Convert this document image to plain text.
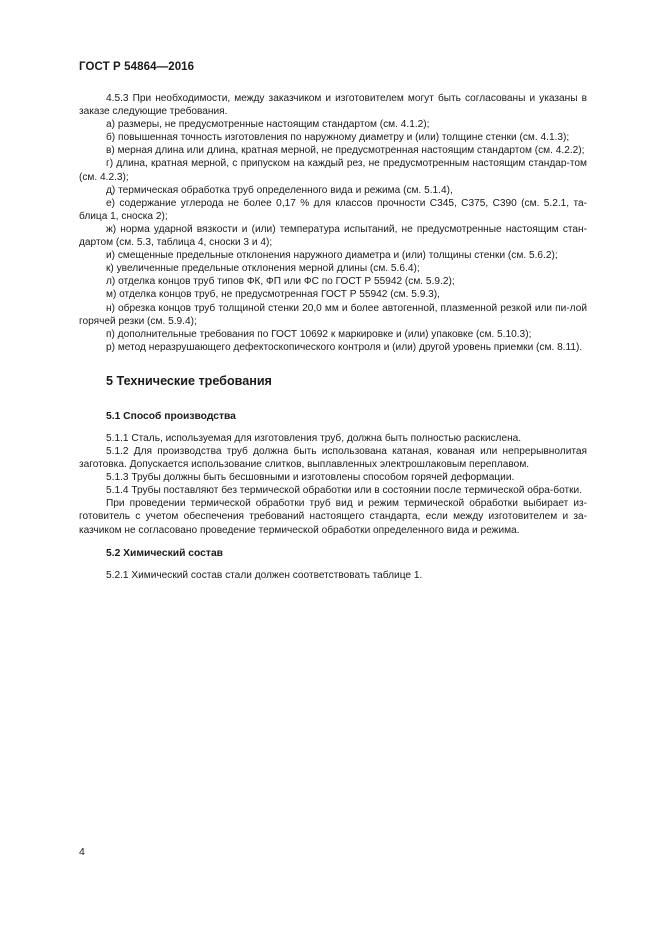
ГОСТ Р 54864—2016

4.5.3 При необходимости, между заказчиком и изготовителем могут быть согласованы и указаны в заказе следующие требования.

а) размеры, не предусмотренные настоящим стандартом (см. 4.1.2);

б) повышенная точность изготовления по наружному диаметру и (или) толщине стенки (см. 4.1.3);

в) мерная длина или длина, кратная мерной, не предусмотренная настоящим стандартом (см. 4.2.2);

г) длина, кратная мерной, с припуском на каждый рез, не предусмотренным настоящим стандар-том (см. 4.2.3);

д) термическая обработка труб определенного вида и режима (см. 5.1.4),

е) содержание углерода не более 0,17 % для классов прочности С345, С375, С390 (см. 5.2.1, та-блица 1, сноска 2);

ж) норма ударной вязкости и (или) температура испытаний, не предусмотренные настоящим стан-дартом (см. 5.3, таблица 4, сноски 3 и 4);

и) смещенные предельные отклонения наружного диаметра и (или) толщины стенки (см. 5.6.2);

к) увеличенные предельные отклонения мерной длины (см. 5.6.4);

л) отделка концов труб типов ФК, ФП или ФС по ГОСТ Р 55942 (см. 5.9.2);

м) отделка концов труб, не предусмотренная ГОСТ Р 55942 (см. 5.9.3),

н) обрезка концов труб толщиной стенки 20,0 мм и более автогенной, плазменной резкой или пи-лой горячей резки (см. 5.9.4);

п) дополнительные требования по ГОСТ 10692 к маркировке и (или) упаковке (см. 5.10.3);

р) метод неразрушающего дефектоскопического контроля и (или) другой уровень приемки (см. 8.11).

5 Технические требования
5.1 Способ производства

5.1.1 Сталь, используемая для изготовления труб, должна быть полностью раскислена.

5.1.2 Для производства труб должна быть использована катаная, кованая или непрерывнолитая заготовка. Допускается использование слитков, выплавленных электрошлаковым переплавом.

5.1.3 Трубы должны быть бесшовными и изготовлены способом горячей деформации.

5.1.4 Трубы поставляют без термической обработки или в состоянии после термической обра-ботки.

При проведении термической обработки труб вид и режим термической обработки выбирает из-готовитель с учетом обеспечения требований настоящего стандарта, если между изготовителем и за-казчиком не согласовано проведение термической обработки определенного вида и режима.

5.2 Химический состав

5.2.1 Химический состав стали должен соответствовать таблице 1.

4
